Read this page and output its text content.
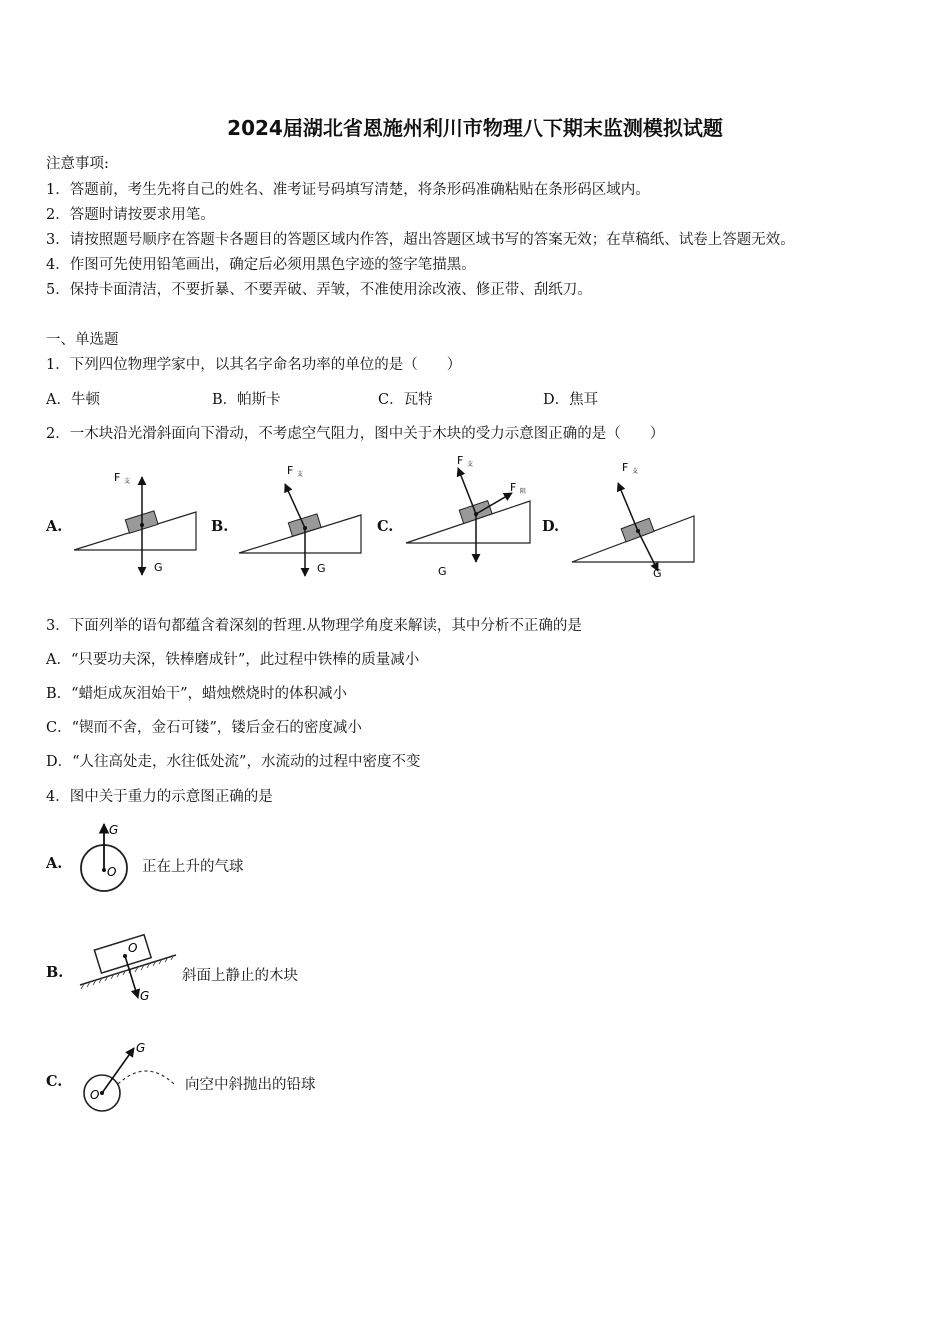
2024届湖北省恩施州利川市物理八下期末监测模拟试题
注意事项:
1．答题前，考生先将自己的姓名、准考证号码填写清楚，将条形码准确粘贴在条形码区域内。
2．答题时请按要求用笔。
3．请按照题号顺序在答题卡各题目的答题区域内作答，超出答题区域书写的答案无效；在草稿纸、试卷上答题无效。
4．作图可先使用铅笔画出，确定后必须用黑色字迹的签字笔描黑。
5．保持卡面清洁，不要折暴、不要弄破、弄皱，不准使用涂改液、修正带、刮纸刀。
一、单选题
1．下列四位物理学家中，以其名字命名功率的单位的是（　　）
A．牛顿	B．帕斯卡	C．瓦特	D．焦耳
2．一木块沿光滑斜面向下滑动，不考虑空气阻力，图中关于木块的受力示意图正确的是（　　）
A.	B.	C.	D.
F 支
G
F 支
G
F 支
F 阻
G
F 支
G
3．下面列举的语句都蕴含着深刻的哲理.从物理学角度来解读，其中分析不正确的是
A．“只要功夫深，铁棒磨成针”，此过程中铁棒的质量减小
B．“蜡炬成灰泪始干”，蜡烛燃烧时的体积减小
C．“锲而不舍，金石可镂”，镂后金石的密度减小
D．“人往高处走，水往低处流”，水流动的过程中密度不变
4．图中关于重力的示意图正确的是
A.
G
O 正在上升的气球
B.
O
G
斜面上静止的木块
C.
G
O
向空中斜抛出的铅球
